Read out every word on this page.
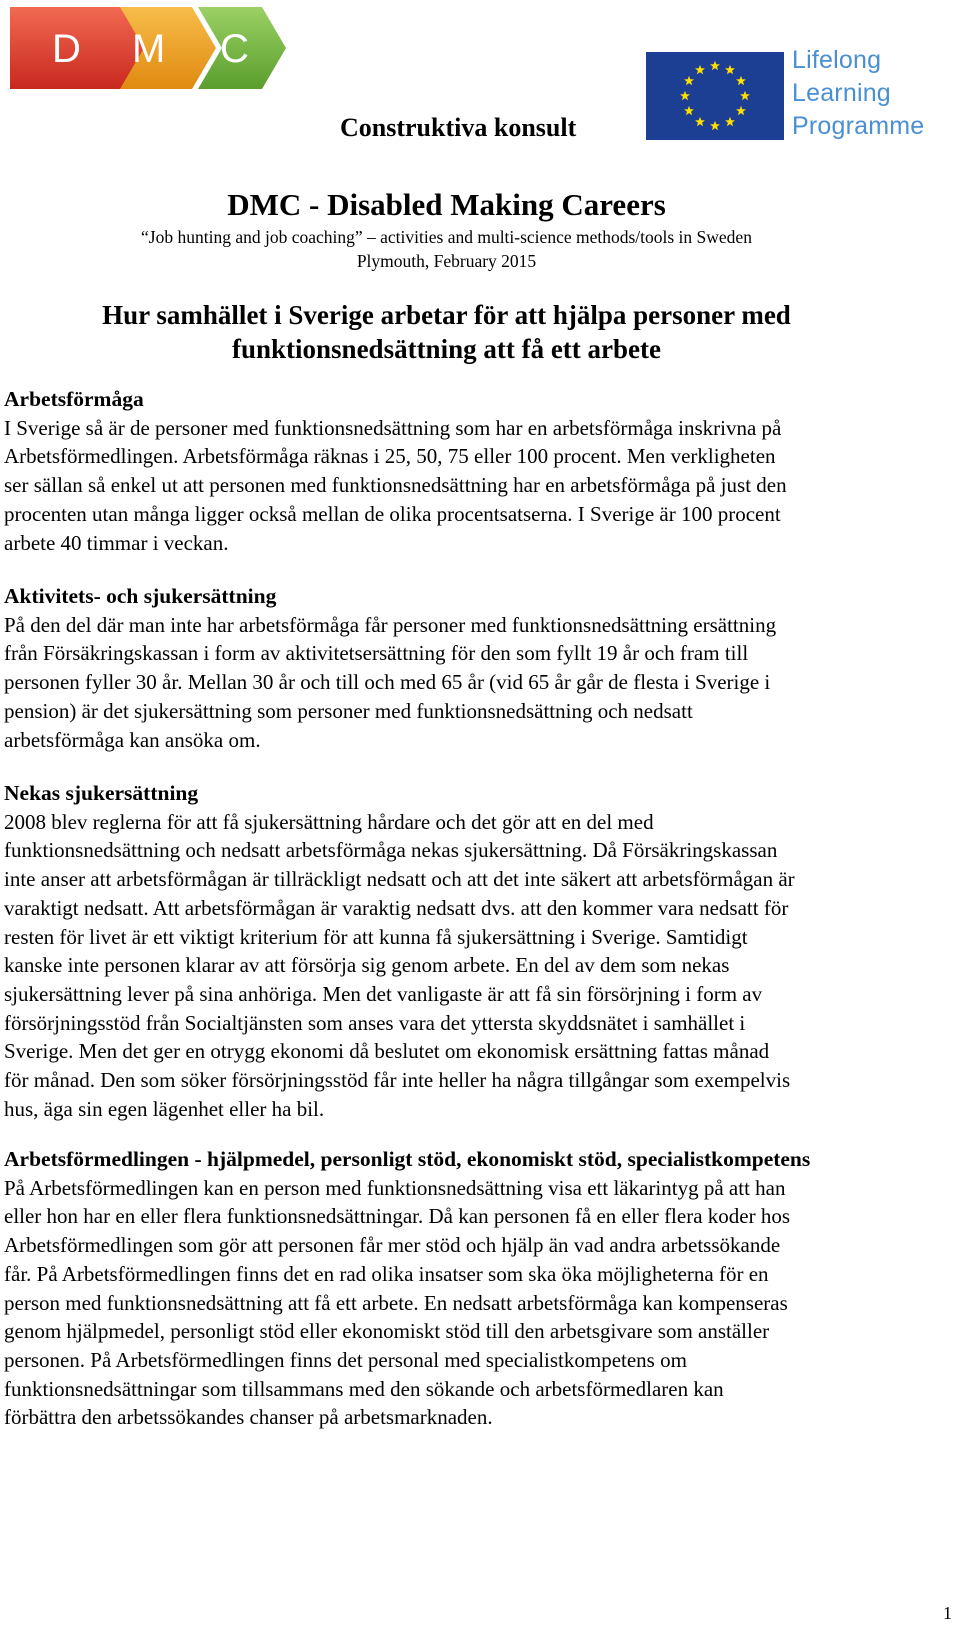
D M C	Lifelong
Learning
Programme
Construktiva konsult
DMC - Disabled Making Careers
“Job hunting and job coaching” – activities and multi-science methods/tools in Sweden
Plymouth, February 2015
Hur samhället i Sverige arbetar för att hjälpa personer med
funktionsnedsättning att få ett arbete
Arbetsförmåga

I Sverige så är de personer med funktionsnedsättning som har en arbetsförmåga inskrivna på
Arbetsförmedlingen. Arbetsförmåga räknas i 25, 50, 75 eller 100 procent. Men verkligheten
ser sällan så enkel ut att personen med funktionsnedsättning har en arbetsförmåga på just den
procenten utan många ligger också mellan de olika procentsatserna. I Sverige är 100 procent
arbete 40 timmar i veckan.

Aktivitets- och sjukersättning

På den del där man inte har arbetsförmåga får personer med funktionsnedsättning ersättning
från Försäkringskassan i form av aktivitetsersättning för den som fyllt 19 år och fram till
personen fyller 30 år. Mellan 30 år och till och med 65 år (vid 65 år går de flesta i Sverige i
pension) är det sjukersättning som personer med funktionsnedsättning och nedsatt
arbetsförmåga kan ansöka om.

Nekas sjukersättning

2008 blev reglerna för att få sjukersättning hårdare och det gör att en del med
funktionsnedsättning och nedsatt arbetsförmåga nekas sjukersättning. Då Försäkringskassan
inte anser att arbetsförmågan är tillräckligt nedsatt och att det inte säkert att arbetsförmågan är
varaktigt nedsatt. Att arbetsförmågan är varaktig nedsatt dvs. att den kommer vara nedsatt för
resten för livet är ett viktigt kriterium för att kunna få sjukersättning i Sverige. Samtidigt
kanske inte personen klarar av att försörja sig genom arbete. En del av dem som nekas
sjukersättning lever på sina anhöriga. Men det vanligaste är att få sin försörjning i form av
försörjningsstöd från Socialtjänsten som anses vara det yttersta skyddsnätet i samhället i
Sverige. Men det ger en otrygg ekonomi då beslutet om ekonomisk ersättning fattas månad
för månad. Den som söker försörjningsstöd får inte heller ha några tillgångar som exempelvis
hus, äga sin egen lägenhet eller ha bil.

Arbetsförmedlingen - hjälpmedel, personligt stöd, ekonomiskt stöd, specialistkompetens

På Arbetsförmedlingen kan en person med funktionsnedsättning visa ett läkarintyg på att han
eller hon har en eller flera funktionsnedsättningar. Då kan personen få en eller flera koder hos
Arbetsförmedlingen som gör att personen får mer stöd och hjälp än vad andra arbetssökande
får. På Arbetsförmedlingen finns det en rad olika insatser som ska öka möjligheterna för en
person med funktionsnedsättning att få ett arbete. En nedsatt arbetsförmåga kan kompenseras
genom hjälpmedel, personligt stöd eller ekonomiskt stöd till den arbetsgivare som anställer
personen. På Arbetsförmedlingen finns det personal med specialistkompetens om
funktionsnedsättningar som tillsammans med den sökande och arbetsförmedlaren kan
förbättra den arbetssökandes chanser på arbetsmarknaden.

1
